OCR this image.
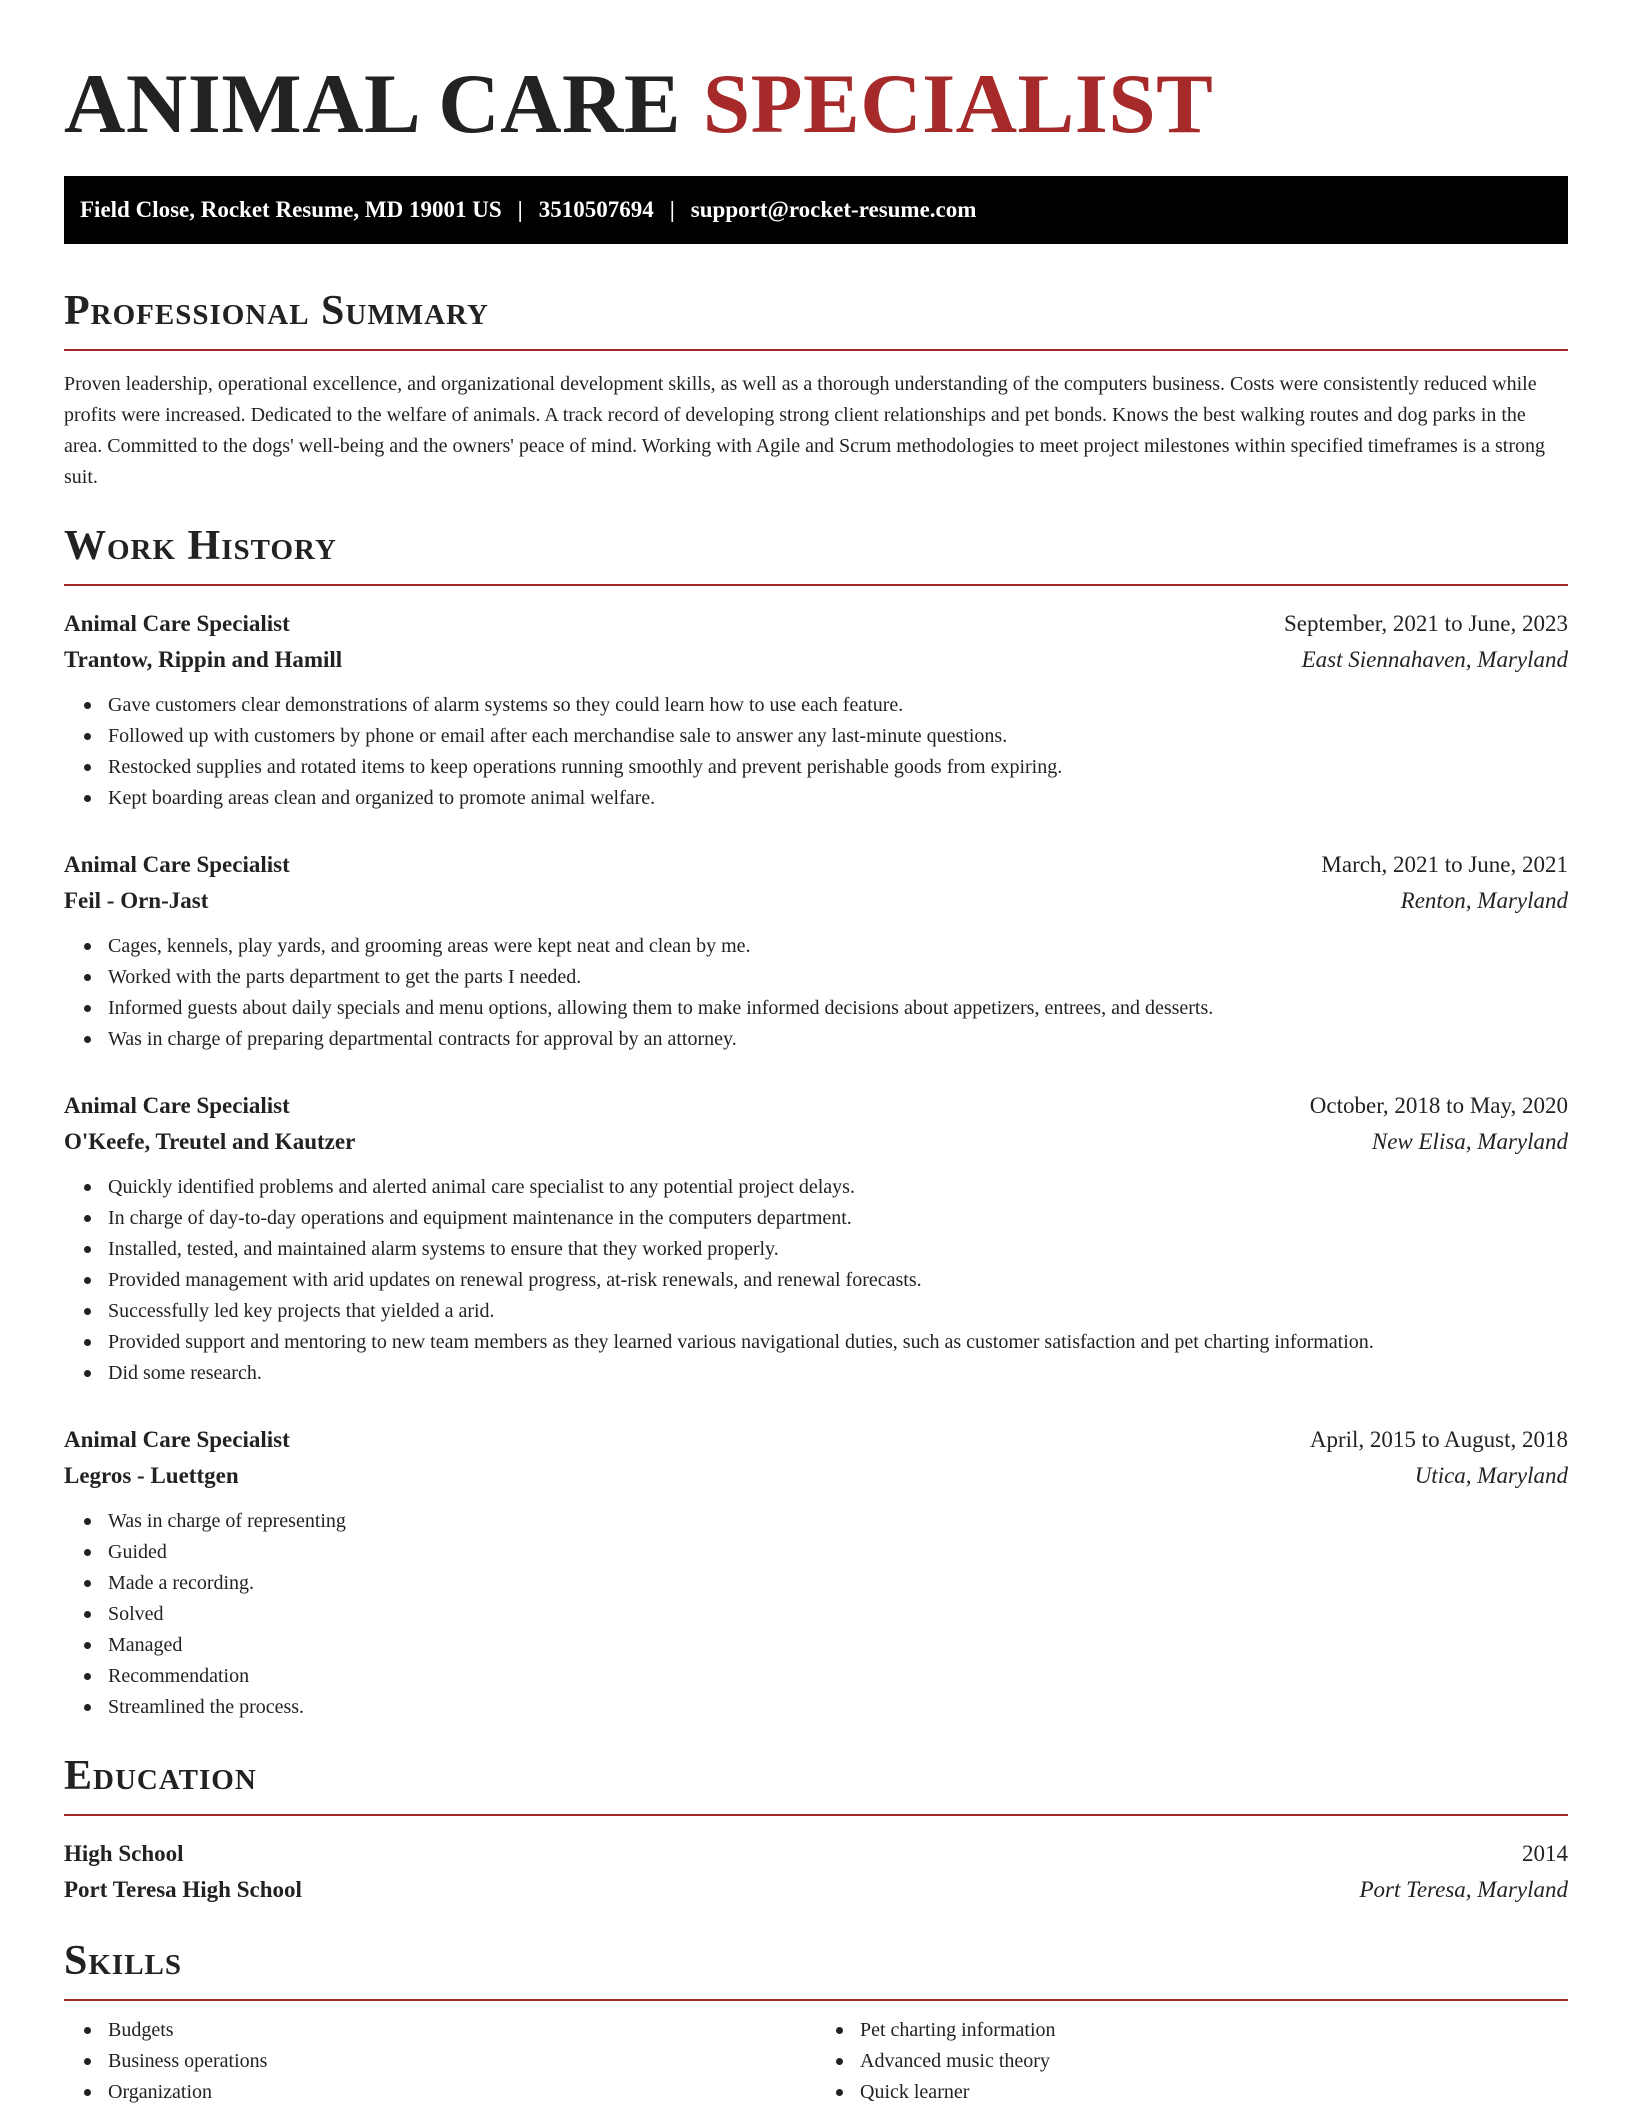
ANIMAL CARE SPECIALIST
Field Close, Rocket Resume, MD 19001 US | 3510507694 | support@rocket-resume.com
Professional Summary

Proven leadership, operational excellence, and organizational development skills, as well as a thorough understanding of the computers business. Costs were consistently reduced while profits were increased. Dedicated to the welfare of animals. A track record of developing strong client relationships and pet bonds. Knows the best walking routes and dog parks in the area. Committed to the dogs' well-being and the owners' peace of mind. Working with Agile and Scrum methodologies to meet project milestones within specified timeframes is a strong suit.

Work History
Animal Care Specialist	September, 2021 to June, 2023
Trantow, Rippin and Hamill	East Siennahaven, Maryland
Gave customers clear demonstrations of alarm systems so they could learn how to use each feature.
Followed up with customers by phone or email after each merchandise sale to answer any last-minute questions.
Restocked supplies and rotated items to keep operations running smoothly and prevent perishable goods from expiring.
Kept boarding areas clean and organized to promote animal welfare.
Animal Care Specialist	March, 2021 to June, 2021
Feil - Orn-Jast	Renton, Maryland
Cages, kennels, play yards, and grooming areas were kept neat and clean by me.
Worked with the parts department to get the parts I needed.
Informed guests about daily specials and menu options, allowing them to make informed decisions about appetizers, entrees, and desserts.
Was in charge of preparing departmental contracts for approval by an attorney.
Animal Care Specialist	October, 2018 to May, 2020
O'Keefe, Treutel and Kautzer	New Elisa, Maryland
Quickly identified problems and alerted animal care specialist to any potential project delays.
In charge of day-to-day operations and equipment maintenance in the computers department.
Installed, tested, and maintained alarm systems to ensure that they worked properly.
Provided management with arid updates on renewal progress, at-risk renewals, and renewal forecasts.
Successfully led key projects that yielded a arid.
Provided support and mentoring to new team members as they learned various navigational duties, such as customer satisfaction and pet charting information.
Did some research.
Animal Care Specialist	April, 2015 to August, 2018
Legros - Luettgen	Utica, Maryland
Was in charge of representing
Guided
Made a recording.
Solved
Managed
Recommendation
Streamlined the process.
Education
High School	2014
Port Teresa High School	Port Teresa, Maryland
Skills
Budgets
Business operations
Organization
Pet charting information
Advanced music theory
Quick learner
